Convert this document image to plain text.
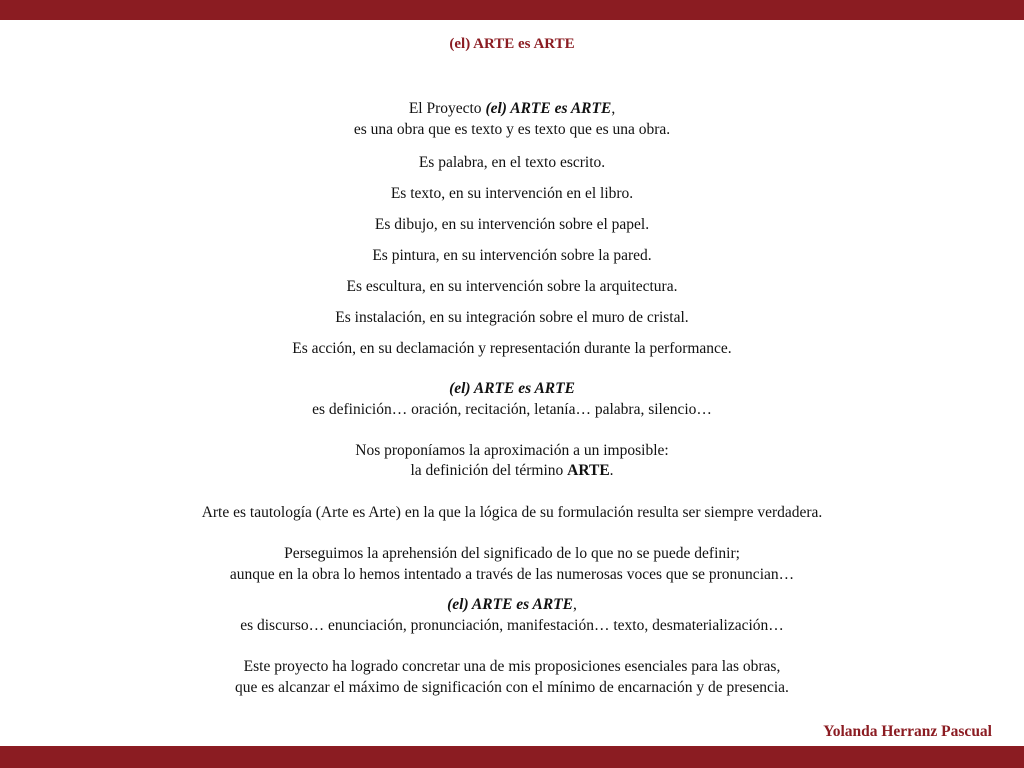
(el) ARTE es ARTE
El Proyecto (el) ARTE es ARTE,
es una obra que es texto y es texto que es una obra.
Es palabra, en el texto escrito.
Es texto, en su intervención en el libro.
Es dibujo, en su intervención sobre el papel.
Es pintura, en su intervención sobre la pared.
Es escultura, en su intervención sobre la arquitectura.
Es instalación, en su integración sobre el muro de cristal.
Es acción, en su declamación y representación durante la performance.
(el) ARTE es ARTE
es definición… oración, recitación, letanía… palabra, silencio…
Nos proponíamos la aproximación a un imposible:
la definición del término ARTE.
Arte es tautología (Arte es Arte) en la que la lógica de su formulación resulta ser siempre verdadera.
Perseguimos la aprehensión del significado de lo que no se puede definir;
aunque en la obra lo hemos intentado a través de las numerosas voces que se pronuncian…
(el) ARTE es ARTE,
es discurso… enunciación, pronunciación, manifestación… texto, desmaterialización…
Este proyecto ha logrado concretar una de mis proposiciones esenciales para las obras,
que es alcanzar el máximo de significación con el mínimo de encarnación y de presencia.
Yolanda Herranz Pascual
